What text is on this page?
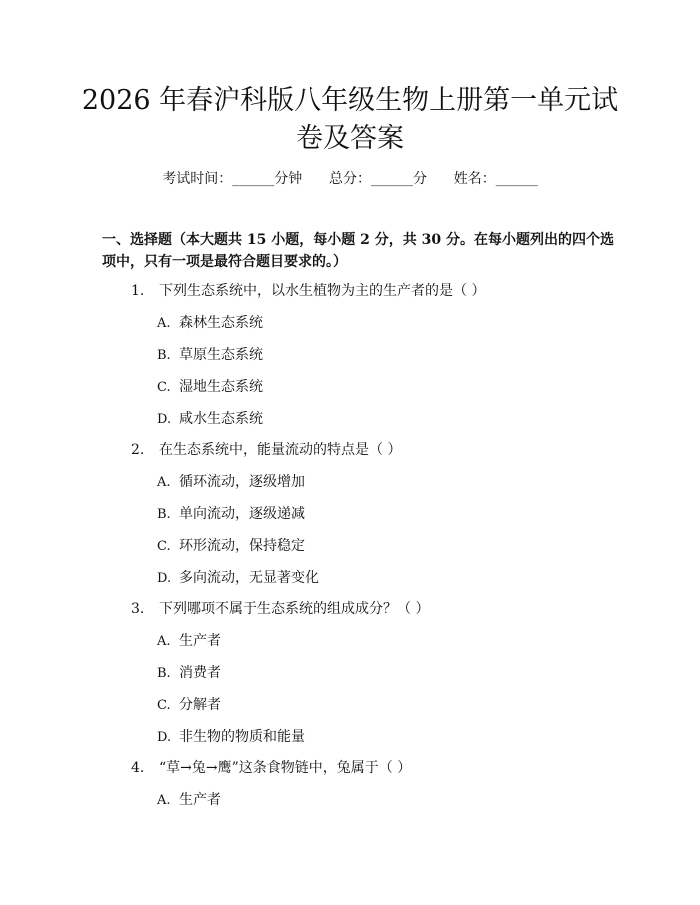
2026 年春沪科版八年级生物上册第一单元试
卷及答案
考试时间：______分钟      总分：______分      姓名：______
一、选择题（本大题共 15 小题，每小题 2 分，共 30 分。在每小题列出的四个选
项中，只有一项是最符合题目要求的。）
1. 下列生态系统中，以水生植物为主的生产者的是（ ）
A. 森林生态系统
B. 草原生态系统
C. 湿地生态系统
D. 咸水生态系统
2. 在生态系统中，能量流动的特点是（ ）
A. 循环流动，逐级增加
B. 单向流动，逐级递减
C. 环形流动，保持稳定
D. 多向流动，无显著变化
3. 下列哪项不属于生态系统的组成成分？（ ）
A. 生产者
B. 消费者
C. 分解者
D. 非生物的物质和能量
4. “草→兔→鹰”这条食物链中，兔属于（ ）
A. 生产者
